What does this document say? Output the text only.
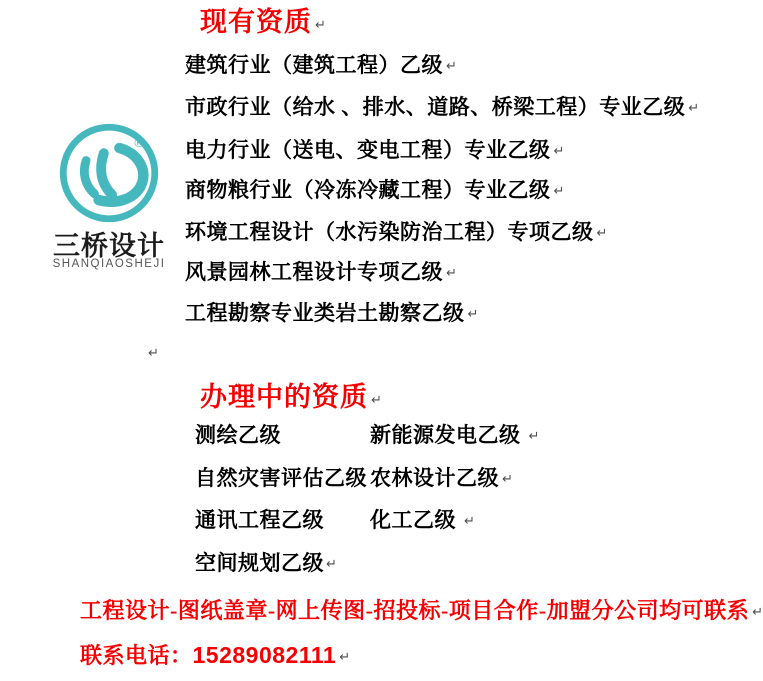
®
三桥设计
SHANQIAOSHEJI
现有资质 ↵
建筑行业（建筑工程）乙级 ↵
市政行业（给水 、排水、道路、桥梁工程）专业乙级 ↵
电力行业（送电、变电工程）专业乙级 ↵
商物粮行业（冷冻冷藏工程）专业乙级 ↵
环境工程设计（水污染防治工程）专项乙级 ↵
风景园林工程设计专项乙级 ↵
工程勘察专业类岩土勘察乙级 ↵
↵
办理中的资质 ↵
测绘乙级	新能源发电乙级 ↵
自然灾害评估乙级 农林设计乙级 ↵
通讯工程乙级 化工乙级 ↵
空间规划乙级 ↵
工程设计-图纸盖章-网上传图-招投标-项目合作-加盟分公司均可联系 ↵
联系电话：15289082111 ↵
